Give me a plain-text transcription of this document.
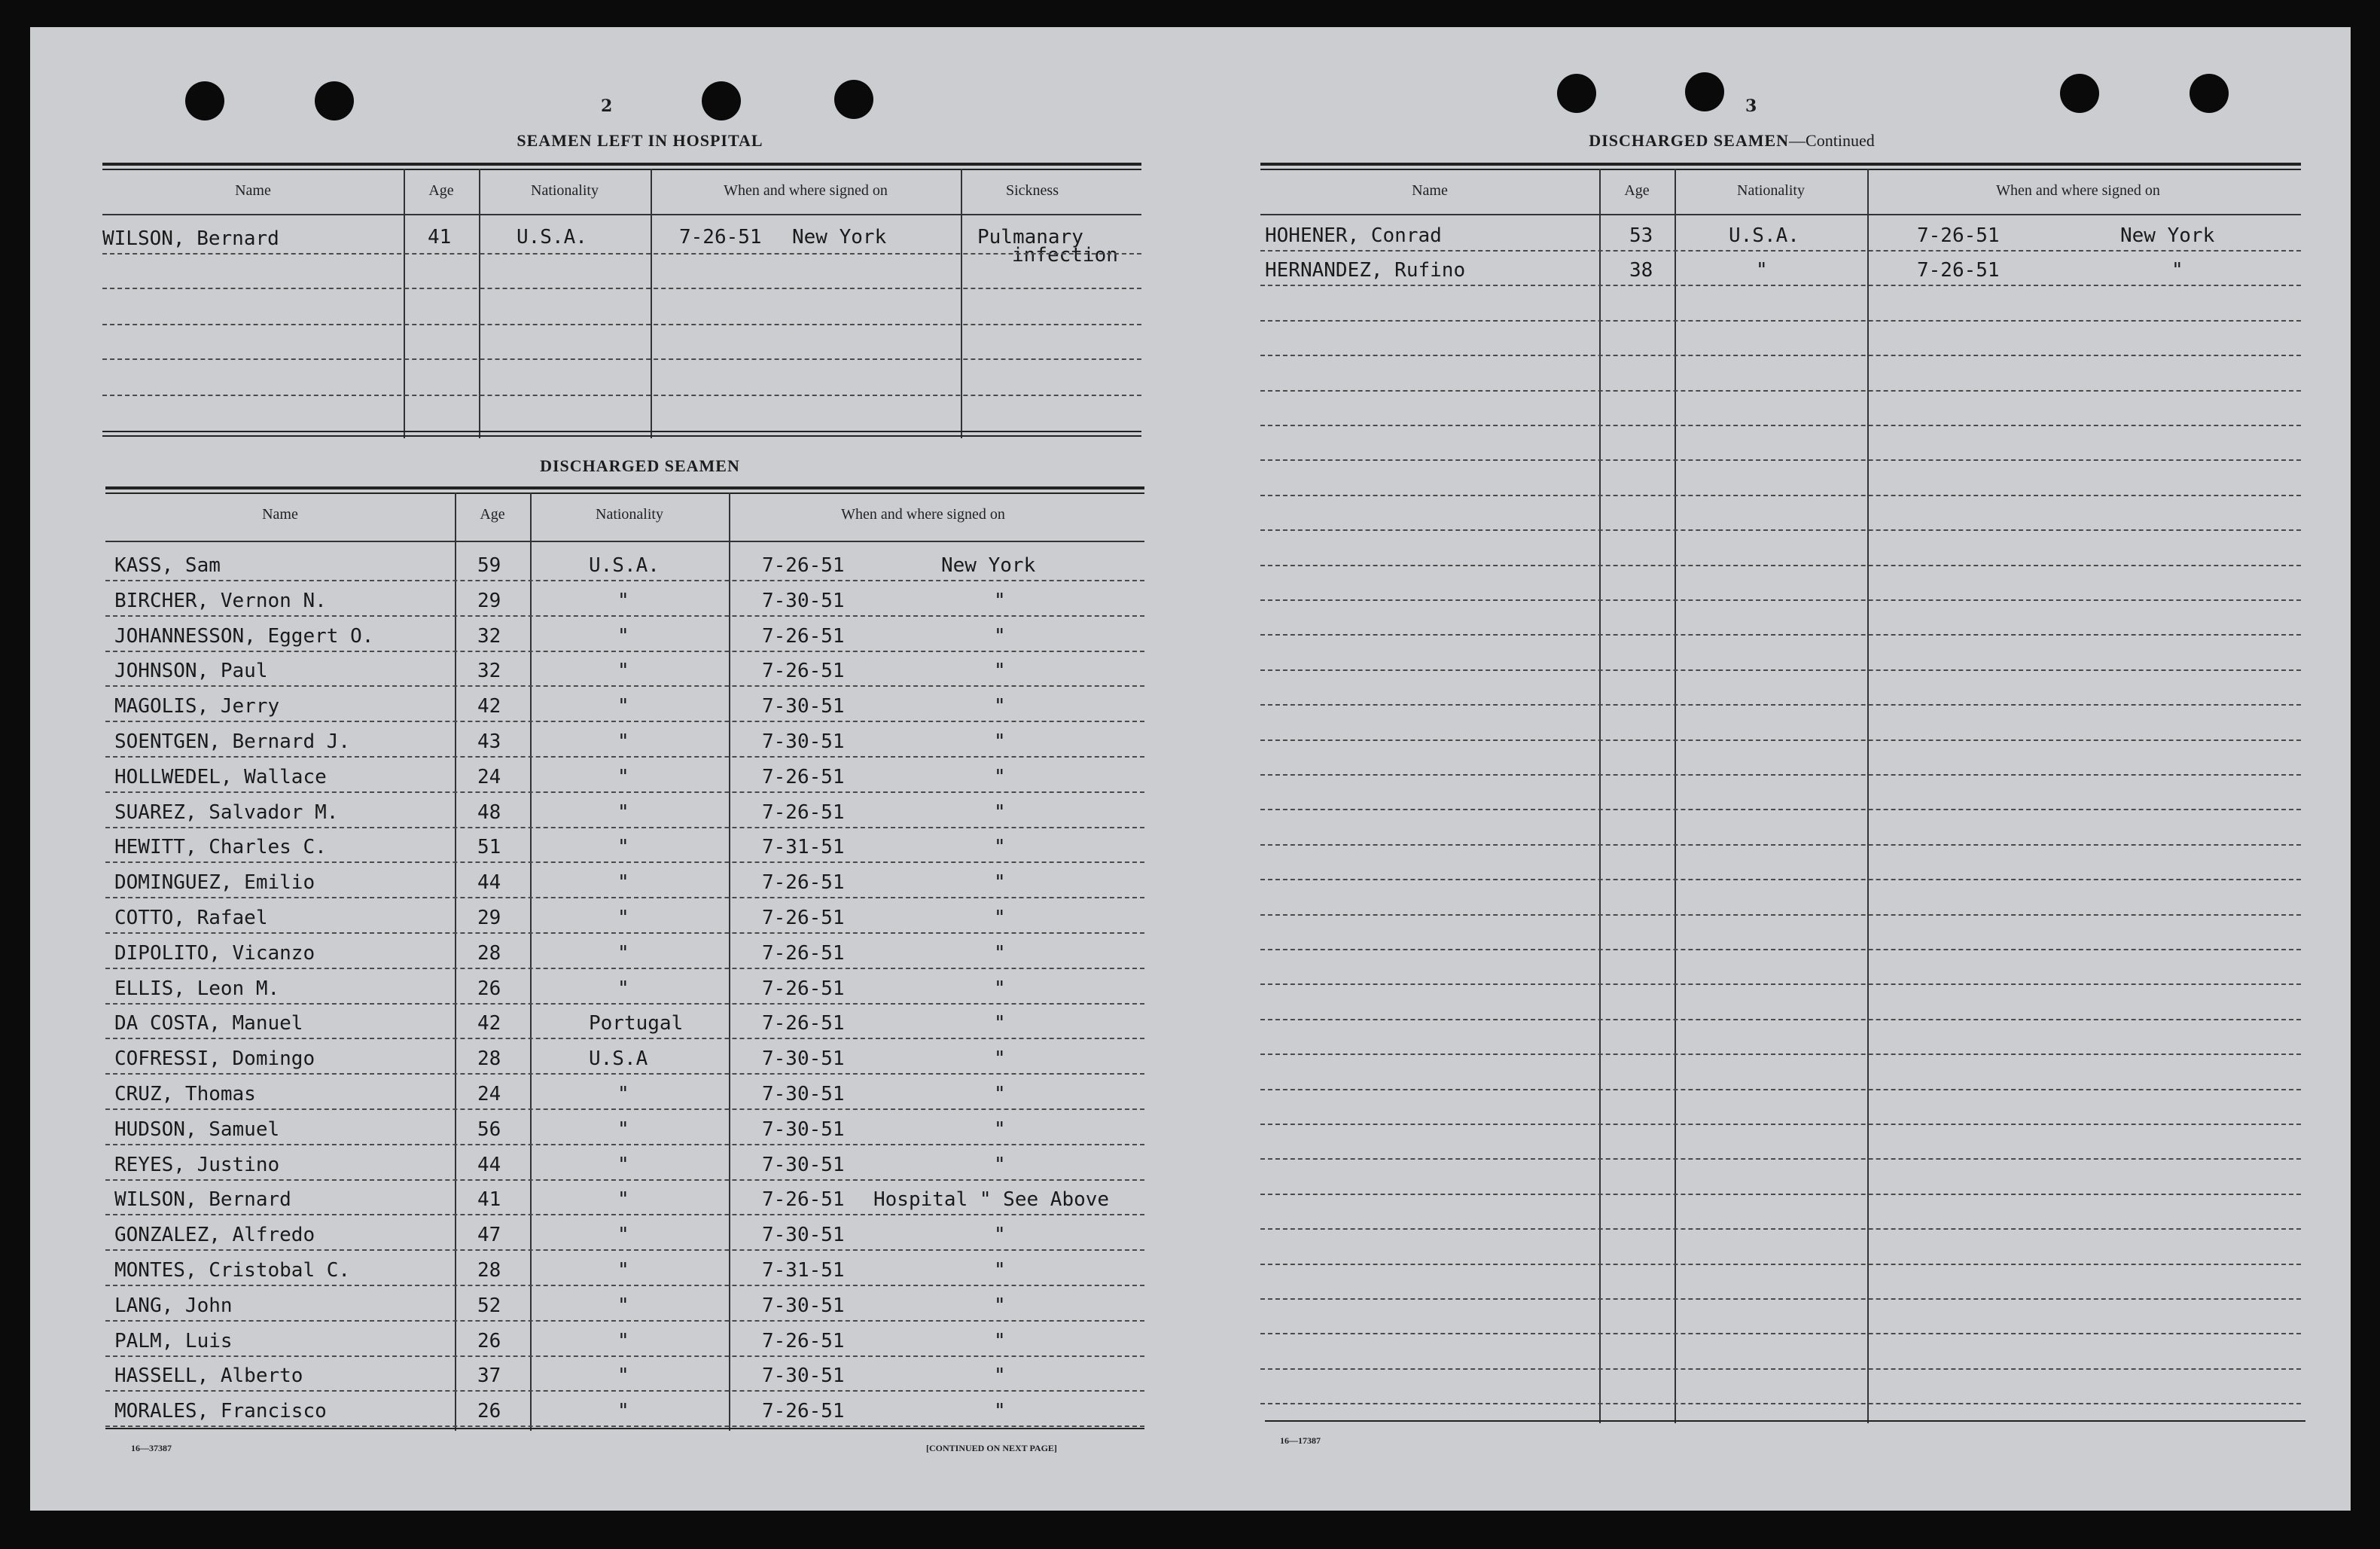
2
SEAMEN LEFT IN HOSPITAL
Name	Age	Nationality	When and where signed on	Sickness
WILSON, Bernard	41	U.S.A.	7-26-51 New York	Pulmanary
infection
DISCHARGED SEAMEN
Name	Age	Nationality	When and where signed on
KASS, Sam	59	U.S.A.	7-26-51	New York
BIRCHER, Vernon N.	29	"	7-30-51	"
JOHANNESSON, Eggert O.	32	"	7-26-51	"
JOHNSON, Paul	32	"	7-26-51	"
MAGOLIS, Jerry	42	"	7-30-51	"
SOENTGEN, Bernard J.	43	"	7-30-51	"
HOLLWEDEL, Wallace	24	"	7-26-51	"
SUAREZ, Salvador M.	48	"	7-26-51	"
HEWITT, Charles C.	51	"	7-31-51	"
DOMINGUEZ, Emilio	44	"	7-26-51	"
COTTO, Rafael	29	"	7-26-51	"
DIPOLITO, Vicanzo	28	"	7-26-51	"
ELLIS, Leon M.	26	"	7-26-51	"
DA COSTA, Manuel	42	Portugal	7-26-51	"
COFRESSI, Domingo	28	U.S.A	7-30-51	"
CRUZ, Thomas	24	"	7-30-51	"
HUDSON, Samuel	56	"	7-30-51	"
REYES, Justino	44	"	7-30-51	"
WILSON, Bernard	41	"	7-26-51 Hospital " See Above
GONZALEZ, Alfredo	47	"	7-30-51	"
MONTES, Cristobal C.	28	"	7-31-51	"
LANG, John	52	"	7-30-51	"
PALM, Luis	26	"	7-26-51	"
HASSELL, Alberto	37	"	7-30-51	"
MORALES, Francisco	26	"	7-26-51	"
16—37387	[CONTINUED ON NEXT PAGE]
3
DISCHARGED SEAMEN—Continued
Name	Age	Nationality	When and where signed on
HOHENER, Conrad	53	U.S.A.	7-26-51	New York
HERNANDEZ, Rufino	38	"	7-26-51	"
16—17387
